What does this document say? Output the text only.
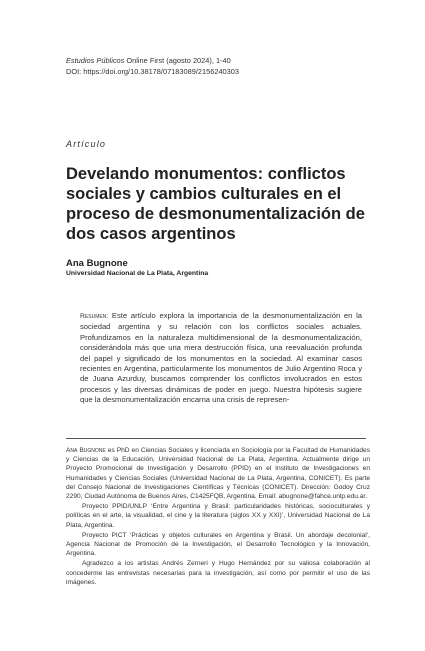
Estudios Públicos Online First (agosto 2024), 1-40
DOI: https://doi.org/10.38178/07183089/2156240303
Artículo
Develando monumentos: conflictos sociales y cambios culturales en el proceso de desmonumentalización de dos casos argentinos
Ana Bugnone
Universidad Nacional de La Plata, Argentina

Resumen: Este artículo explora la importancia de la desmonumentalización en la sociedad argentina y su relación con los conflictos sociales actuales. Profundizamos en la naturaleza multidimensional de la desmonumentalización, considerándola más que una mera destrucción física, una reevaluación profunda del papel y significado de los monumentos en la sociedad. Al examinar casos recientes en Argentina, particularmente los monumentos de Julio Argentino Roca y de Juana Azurduy, buscamos comprender los conflictos involucrados en estos procesos y las diversas dinámicas de poder en juego. Nuestra hipótesis sugiere que la desmonumentalización encarna una crisis de represen-

Ana Bugnone es PhD en Ciencias Sociales y licenciada en Sociología por la Facultad de Humanidades y Ciencias de la Educación, Universidad Nacional de La Plata, Argentina. Actualmente dirige un Proyecto Promocional de Investigación y Desarrollo (PPID) en el Instituto de Investigaciones en Humanidades y Ciencias Sociales (Universidad Nacional de La Plata, Argentina, CONICET). Es parte del Consejo Nacional de Investigaciones Científicas y Técnicas (CONICET). Dirección: Godoy Cruz 2290, Ciudad Autónoma de Buenos Aires, C1425FQB, Argentina. Email: abugnone@fahce.unlp.edu.ar.

Proyecto PPID/UNLP ‘Entre Argentina y Brasil: particularidades históricas, socioculturales y políticas en el arte, la visualidad, el cine y la literatura (siglos XX y XXI)’, Universidad Nacional de La Plata, Argentina.

Proyecto PICT ‘Prácticas y objetos culturales en Argentina y Brasil. Un abordaje decolonial’, Agencia Nacional de Promoción de la Investigación, el Desarrollo Tecnológico y la Innovación, Argentina.

Agradezco a los artistas Andrés Zerneri y Hugo Hernández por su valiosa colaboración al concederme las entrevistas necesarias para la investigación, así como por permitir el uso de las imágenes.
